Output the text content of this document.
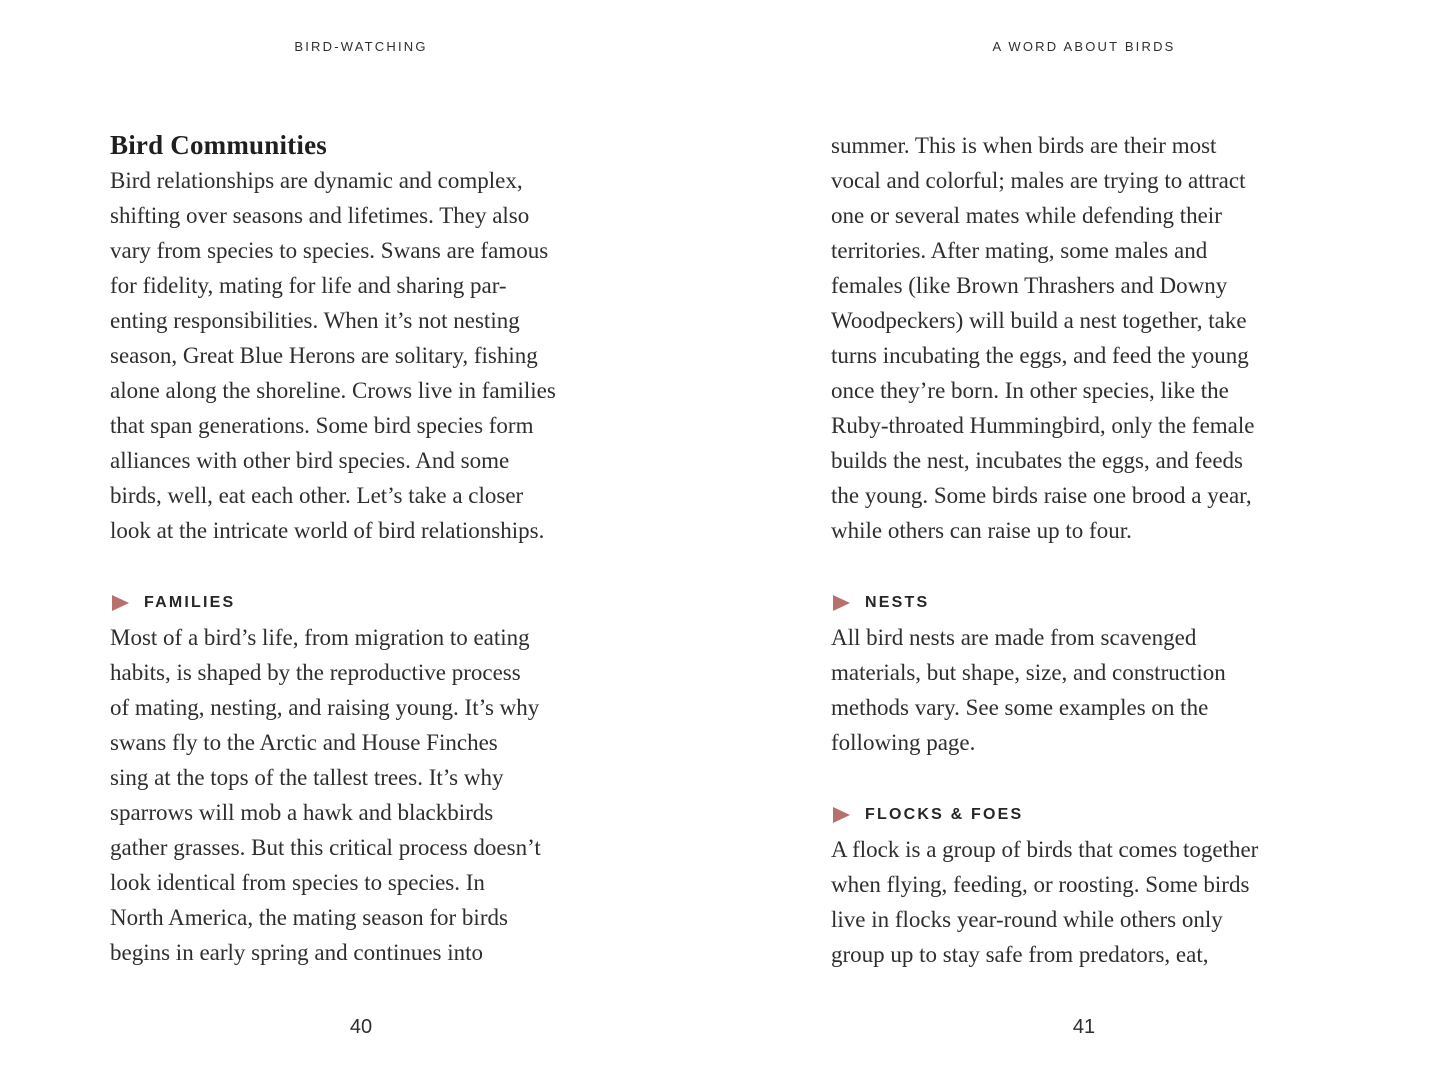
BIRD-WATCHING
Bird Communities
Bird relationships are dynamic and complex,
shifting over seasons and lifetimes. They also
vary from species to species. Swans are famous
for fidelity, mating for life and sharing par-
enting responsibilities. When it’s not nesting
season, Great Blue Herons are solitary, fishing
alone along the shoreline. Crows live in families
that span generations. Some bird species form
alliances with other bird species. And some
birds, well, eat each other. Let’s take a closer
look at the intricate world of bird relationships.
FAMILIES
Most of a bird’s life, from migration to eating
habits, is shaped by the reproductive process
of mating, nesting, and raising young. It’s why
swans fly to the Arctic and House Finches
sing at the tops of the tallest trees. It’s why
sparrows will mob a hawk and blackbirds
gather grasses. But this critical process doesn’t
look identical from species to species. In
North America, the mating season for birds
begins in early spring and continues into
40
A WORD ABOUT BIRDS
summer. This is when birds are their most
vocal and colorful; males are trying to attract
one or several mates while defending their
territories. After mating, some males and
females (like Brown Thrashers and Downy
Woodpeckers) will build a nest together, take
turns incubating the eggs, and feed the young
once they’re born. In other species, like the
Ruby-throated Hummingbird, only the female
builds the nest, incubates the eggs, and feeds
the young. Some birds raise one brood a year,
while others can raise up to four.
NESTS
All bird nests are made from scavenged
materials, but shape, size, and construction
methods vary. See some examples on the
following page.
FLOCKS & FOES
A flock is a group of birds that comes together
when flying, feeding, or roosting. Some birds
live in flocks year-round while others only
group up to stay safe from predators, eat,
41
